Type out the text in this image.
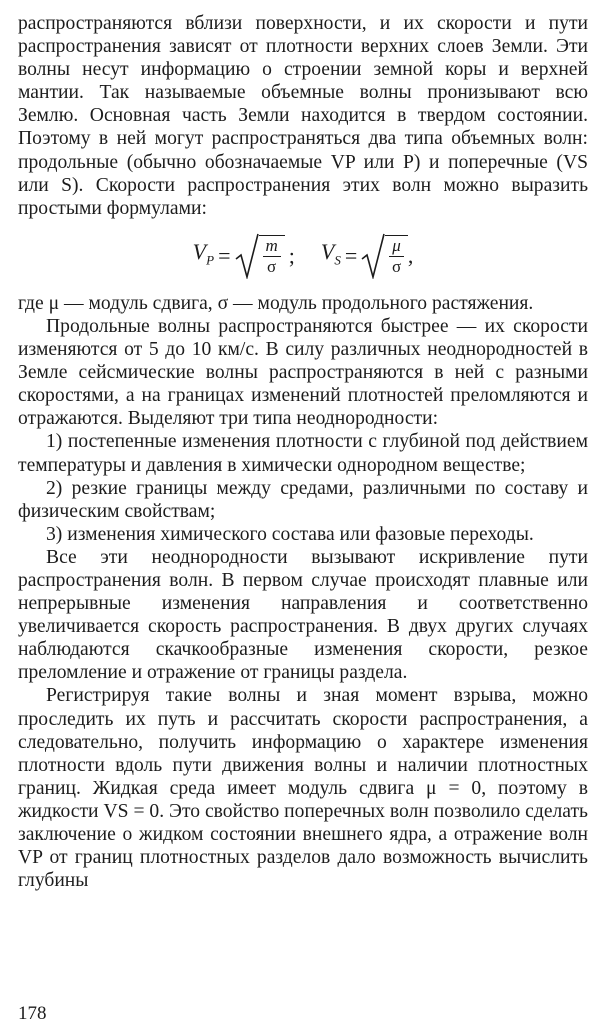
распространяются вблизи поверхности, и их скорости и пути распространения зависят от плотности верхних слоев Земли. Эти волны несут информацию о строении земной коры и верхней мантии. Так называемые объемные волны пронизывают всю Землю. Основная часть Земли находится в твердом состоянии. Поэтому в ней могут распространяться два типа объемных волн: продольные (обычно обозначаемые VP или P) и поперечные (VS или S). Скорости распространения этих волн можно выразить простыми формулами:

$V_P = \frac{m}{\sigma}$ ; $V_S = \frac{\mu}{\sigma}$ ,

где μ — модуль сдвига, σ — модуль продольного растяжения.

Продольные волны распространяются быстрее — их скорости изменяются от 5 до 10 км/с. В силу различных неоднородностей в Земле сейсмические волны распространяются в ней с разными скоростями, а на границах изменений плотностей преломляются и отражаются. Выделяют три типа неоднородности:

1) постепенные изменения плотности с глубиной под действием температуры и давления в химически однородном веществе;

2) резкие границы между средами, различными по составу и физическим свойствам;

3) изменения химического состава или фазовые переходы.

Все эти неоднородности вызывают искривление пути распространения волн. В первом случае происходят плавные или непрерывные изменения направления и соответственно увеличивается скорость распространения. В двух других случаях наблюдаются скачкообразные изменения скорости, резкое преломление и отражение от границы раздела.

Регистрируя такие волны и зная момент взрыва, можно проследить их путь и рассчитать скорости распространения, а следовательно, получить информацию о характере изменения плотности вдоль пути движения волны и наличии плотностных границ. Жидкая среда имеет модуль сдвига μ = 0, поэтому в жидкости VS = 0. Это свойство поперечных волн позволило сделать заключение о жидком состоянии внешнего ядра, а отражение волн VP от границ плотностных разделов дало возможность вычислить глубины

178
